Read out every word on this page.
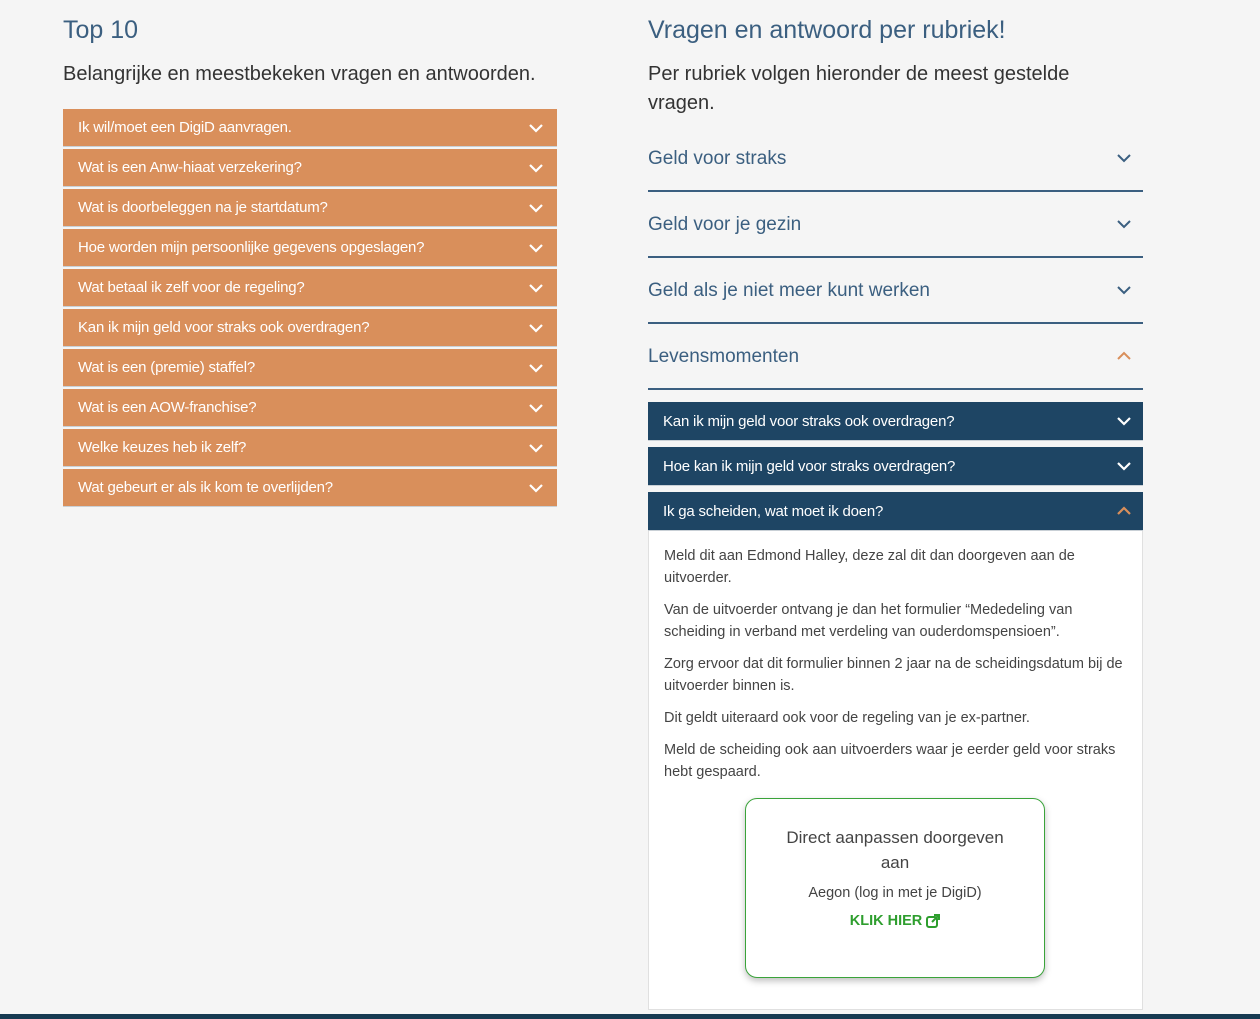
Top 10

Belangrijke en meestbekeken vragen en antwoorden.

Ik wil/moet een DigiD aanvragen.
Wat is een Anw-hiaat verzekering?
Wat is doorbeleggen na je startdatum?
Hoe worden mijn persoonlijke gegevens opgeslagen?
Wat betaal ik zelf voor de regeling?
Kan ik mijn geld voor straks ook overdragen?
Wat is een (premie) staffel?
Wat is een AOW-franchise?
Welke keuzes heb ik zelf?
Wat gebeurt er als ik kom te overlijden?
Vragen en antwoord per rubriek!

Per rubriek volgen hieronder de meest gestelde vragen.

Geld voor straks
Geld voor je gezin
Geld als je niet meer kunt werken
Levensmomenten
Kan ik mijn geld voor straks ook overdragen?
Hoe kan ik mijn geld voor straks overdragen?
Ik ga scheiden, wat moet ik doen?

Meld dit aan Edmond Halley, deze zal dit dan doorgeven aan de uitvoerder.

Van de uitvoerder ontvang je dan het formulier “Mededeling van scheiding in verband met verdeling van ouderdomspensioen”.

Zorg ervoor dat dit formulier binnen 2 jaar na de scheidingsdatum bij de uitvoerder binnen is.

Dit geldt uiteraard ook voor de regeling van je ex-partner.

Meld de scheiding ook aan uitvoerders waar je eerder geld voor straks hebt gespaard.

Direct aanpassen doorgeven aan
Aegon (log in met je DigiD)
KLIK HIER
